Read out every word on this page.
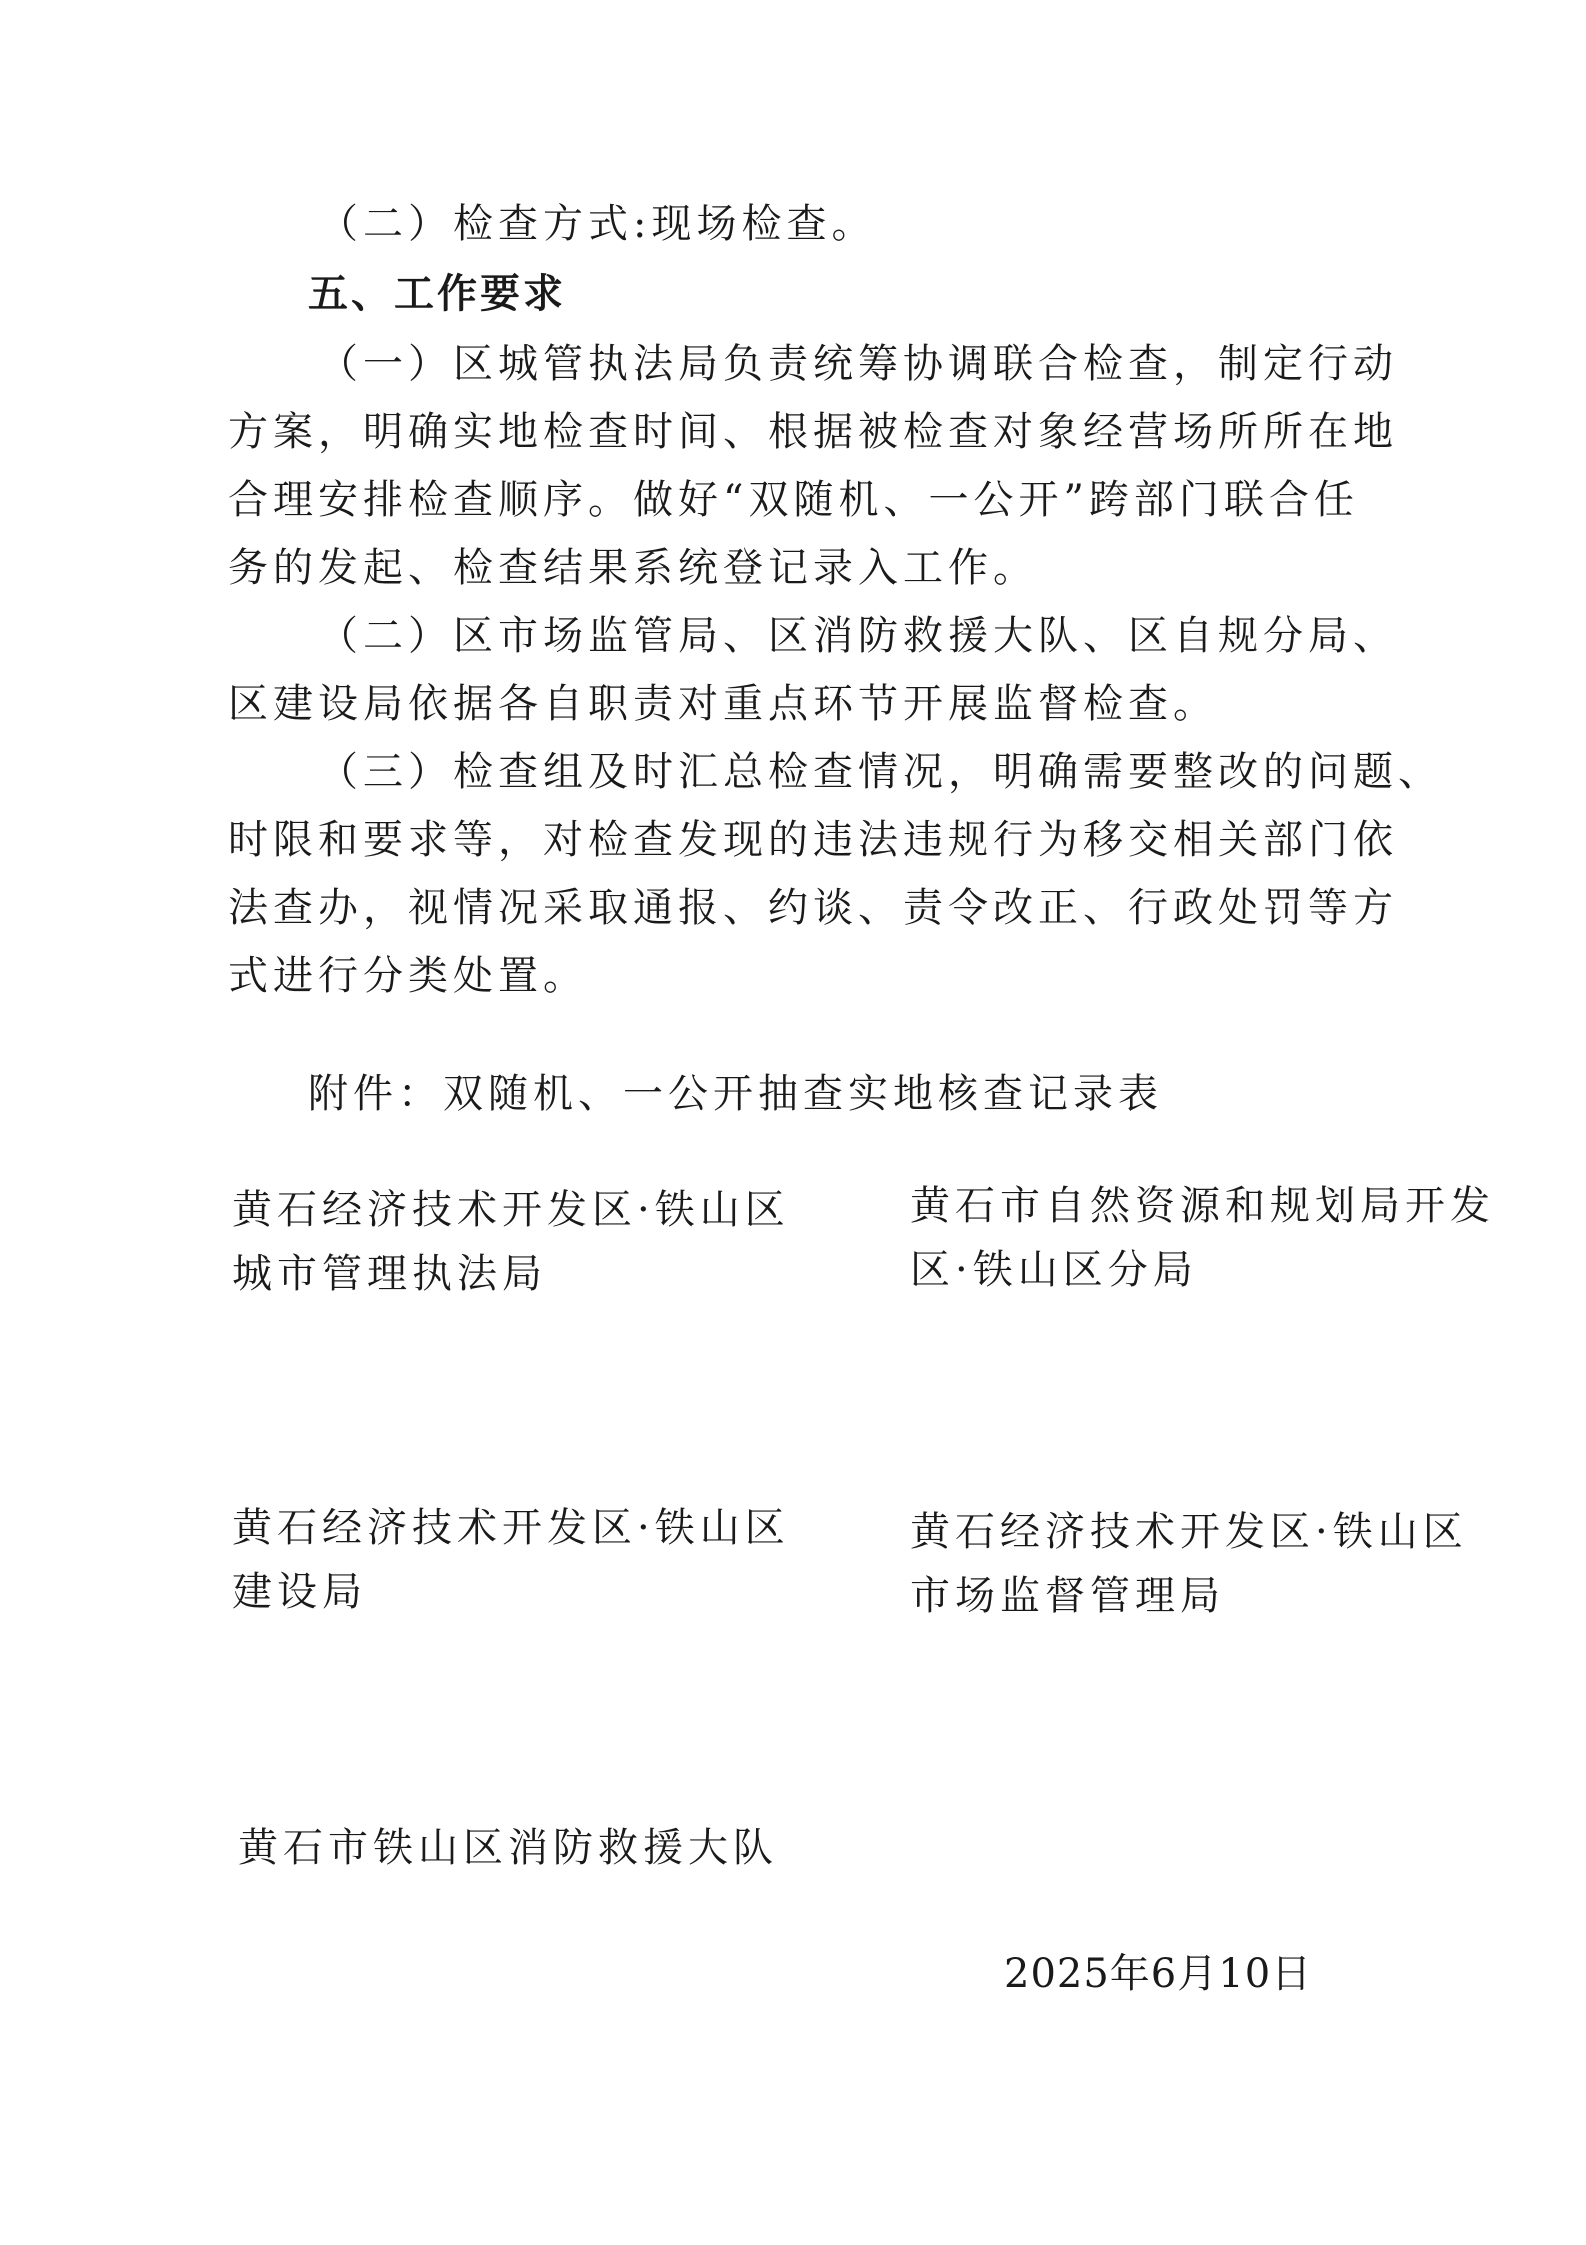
（二）检查方式:现场检查。
五、工作要求
（一）区城管执法局负责统筹协调联合检查，制定行动
方案，明确实地检查时间、根据被检查对象经营场所所在地
合理安排检查顺序。做好“双随机、一公开”跨部门联合任
务的发起、检查结果系统登记录入工作。
（二）区市场监管局、区消防救援大队、区自规分局、
区建设局依据各自职责对重点环节开展监督检查。
（三）检查组及时汇总检查情况，明确需要整改的问题、
时限和要求等，对检查发现的违法违规行为移交相关部门依
法查办，视情况采取通报、约谈、责令改正、行政处罚等方
式进行分类处置。
附件：双随机、一公开抽查实地核查记录表
黄石经济技术开发区·铁山区
城市管理执法局
黄石市自然资源和规划局开发
区·铁山区分局
黄石经济技术开发区·铁山区
建设局
黄石经济技术开发区·铁山区
市场监督管理局
黄石市铁山区消防救援大队
2025年6月10日
